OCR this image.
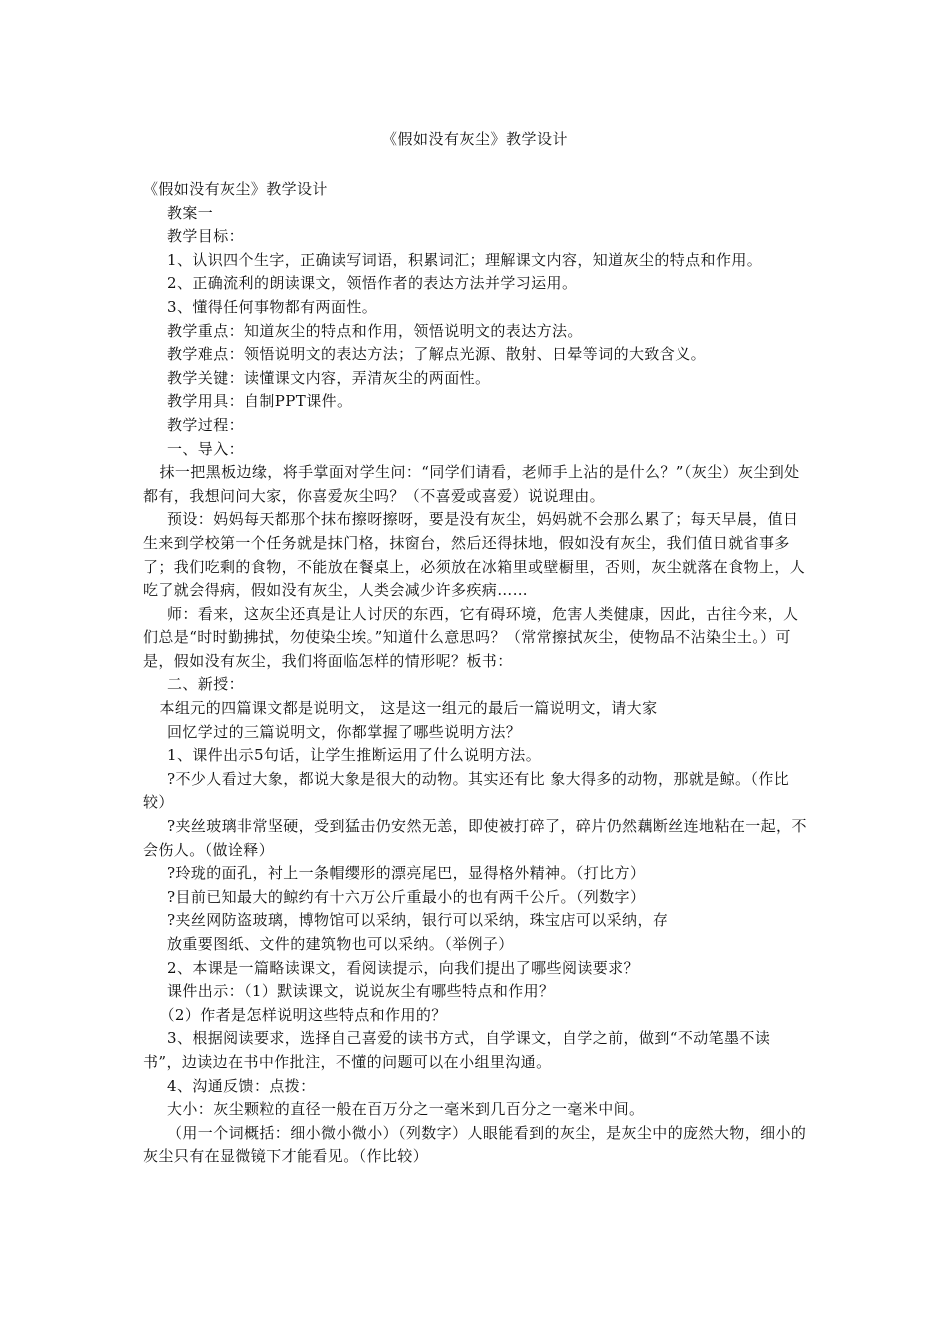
《假如没有灰尘》教学设计

《假如没有灰尘》教学设计

教案一

教学目标：

1、认识四个生字，正确读写词语，积累词汇；理解课文内容，知道灰尘的特点和作用。

2、正确流利的朗读课文，领悟作者的表达方法并学习运用。

3、懂得任何事物都有两面性。

教学重点：知道灰尘的特点和作用，领悟说明文的表达方法。

教学难点：领悟说明文的表达方法；了解点光源、散射、日晕等词的大致含义。

教学关键：读懂课文内容，弄清灰尘的两面性。

教学用具：自制PPT课件。

教学过程：

一、导入：

抹一把黑板边缘，将手掌面对学生问：“同学们请看，老师手上沾的是什么？”（灰尘）灰尘到处都有，我想问问大家，你喜爱灰尘吗？（不喜爱或喜爱）说说理由。

预设：妈妈每天都那个抹布擦呀擦呀，要是没有灰尘，妈妈就不会那么累了；每天早晨，值日生来到学校第一个任务就是抹门格，抹窗台，然后还得抹地，假如没有灰尘，我们值日就省事多了；我们吃剩的食物，不能放在餐桌上，必须放在冰箱里或壁橱里，否则，灰尘就落在食物上，人吃了就会得病，假如没有灰尘，人类会减少许多疾病……

师：看来，这灰尘还真是让人讨厌的东西，它有碍环境，危害人类健康，因此，古往今来，人们总是“时时勤拂拭，勿使染尘埃。”知道什么意思吗？（常常擦拭灰尘，使物品不沾染尘土。）可是，假如没有灰尘，我们将面临怎样的情形呢？板书：

二、新授：

本组元的四篇课文都是说明文， 这是这一组元的最后一篇说明文，请大家

回忆学过的三篇说明文，你都掌握了哪些说明方法？

1、课件出示5句话，让学生推断运用了什么说明方法。

?不少人看过大象，都说大象是很大的动物。其实还有比 象大得多的动物，那就是鲸。（作比较）

?夹丝玻璃非常坚硬，受到猛击仍安然无恙，即使被打碎了，碎片仍然藕断丝连地粘在一起，不会伤人。（做诠释）

?玲珑的面孔，衬上一条帽缨形的漂亮尾巴，显得格外精神。（打比方）

?目前已知最大的鲸约有十六万公斤重最小的也有两千公斤。（列数字）

?夹丝网防盗玻璃，博物馆可以采纳，银行可以采纳，珠宝店可以采纳，存

放重要图纸、文件的建筑物也可以采纳。（举例子）

2、本课是一篇略读课文，看阅读提示，向我们提出了哪些阅读要求？

课件出示：（1）默读课文，说说灰尘有哪些特点和作用？

（2）作者是怎样说明这些特点和作用的？

3、根据阅读要求，选择自己喜爱的读书方式，自学课文，自学之前，做到“不动笔墨不读书”，边读边在书中作批注，不懂的问题可以在小组里沟通。

4、沟通反馈：点拨：

大小：灰尘颗粒的直径一般在百万分之一毫米到几百分之一毫米中间。

（用一个词概括：细小微小微小）（列数字）人眼能看到的灰尘，是灰尘中的庞然大物，细小的灰尘只有在显微镜下才能看见。（作比较）
